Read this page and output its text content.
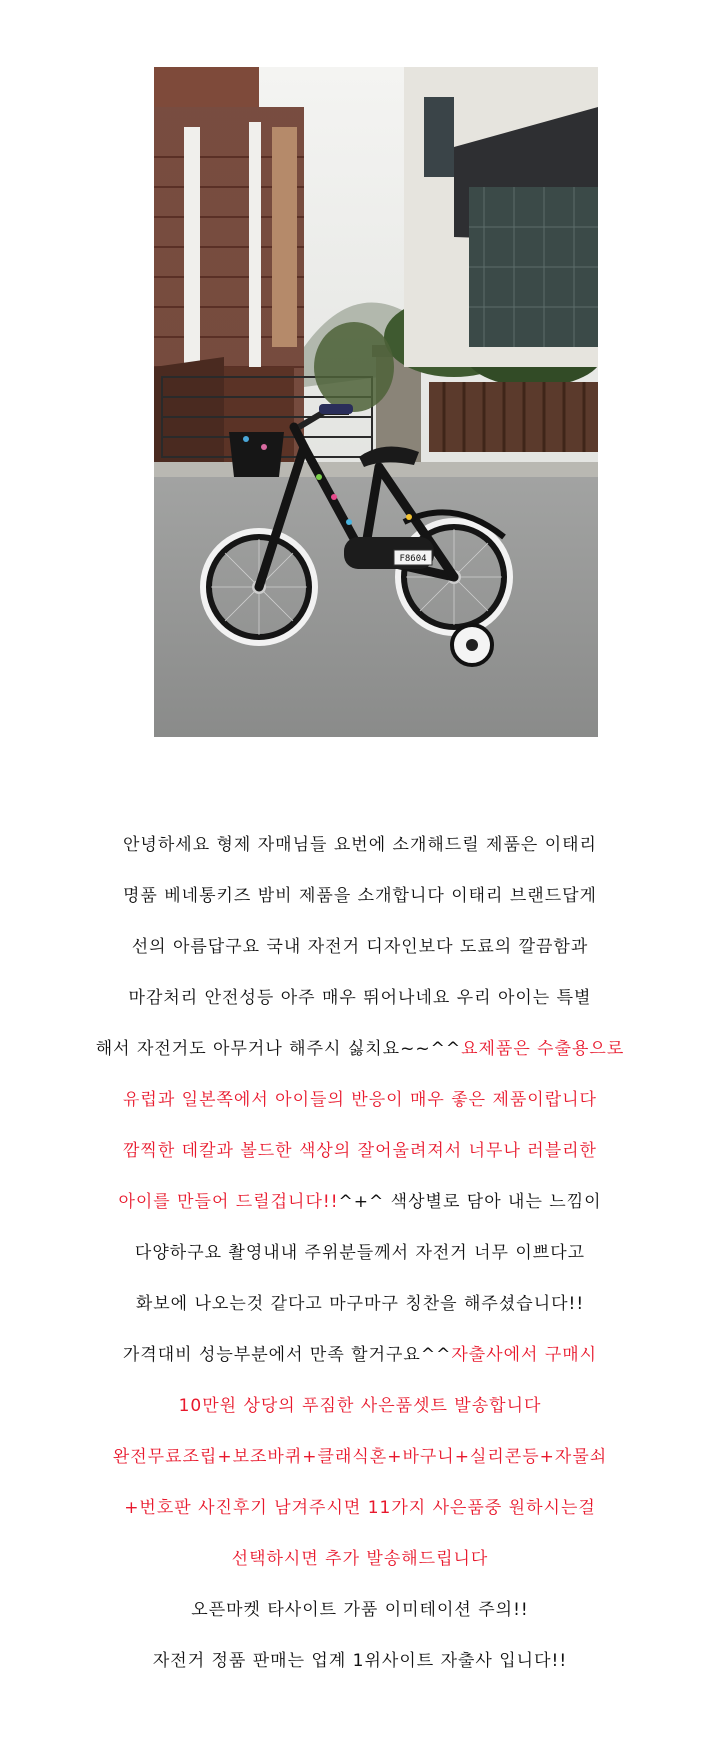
F8604
안녕하세요 형제 자매님들 요번에 소개해드릴 제품은 이태리
명품 베네통키즈 밤비 제품을 소개합니다 이태리 브랜드답게
선의 아름답구요 국내 자전거 디자인보다 도료의 깔끔함과
마감처리 안전성등 아주 매우 뛰어나네요 우리 아이는 특별
해서 자전거도 아무거나 해주시 싫치요~~^^요제품은 수출용으로
유럽과 일본쪽에서 아이들의 반응이 매우 좋은 제품이랍니다
깜찍한 데칼과 볼드한 색상의 잘어울려져서 너무나 러블리한
아이를 만들어 드릴겁니다!!^+^ 색상별로 담아 내는 느낌이
다양하구요 촬영내내 주위분들께서 자전거 너무 이쁘다고
화보에 나오는것 같다고 마구마구 칭찬을 해주셨습니다!!
가격대비 성능부분에서 만족 할거구요^^자출사에서 구매시
10만원 상당의 푸짐한 사은품셋트 발송합니다
완전무료조립+보조바퀴+클래식혼+바구니+실리콘등+자물쇠
+번호판 사진후기 남겨주시면 11가지 사은품중 원하시는걸
선택하시면 추가 발송해드립니다
오픈마켓 타사이트 가품 이미테이션 주의!!
자전거 정품 판매는 업계 1위사이트 자출사 입니다!!
